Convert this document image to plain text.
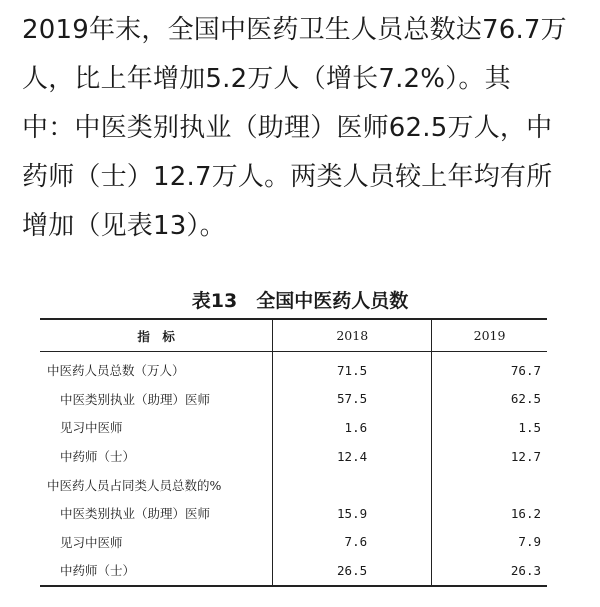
2019年末，全国中医药卫生人员总数达76.7万
人，比上年增加5.2万人（增长7.2%）。其
中：中医类别执业（助理）医师62.5万人，中
药师（士）12.7万人。两类人员较上年均有所
增加（见表13）。
表13　全国中医药人员数
指　标	2018	2019
中医药人员总数（万人）	71.5	76.7
中医类别执业（助理）医师	57.5	62.5
见习中医师	1.6	1.5
中药师（士）	12.4	12.7
中医药人员占同类人员总数的%		
中医类别执业（助理）医师	15.9	16.2
见习中医师	7.6	7.9
中药师（士）	26.5	26.3
